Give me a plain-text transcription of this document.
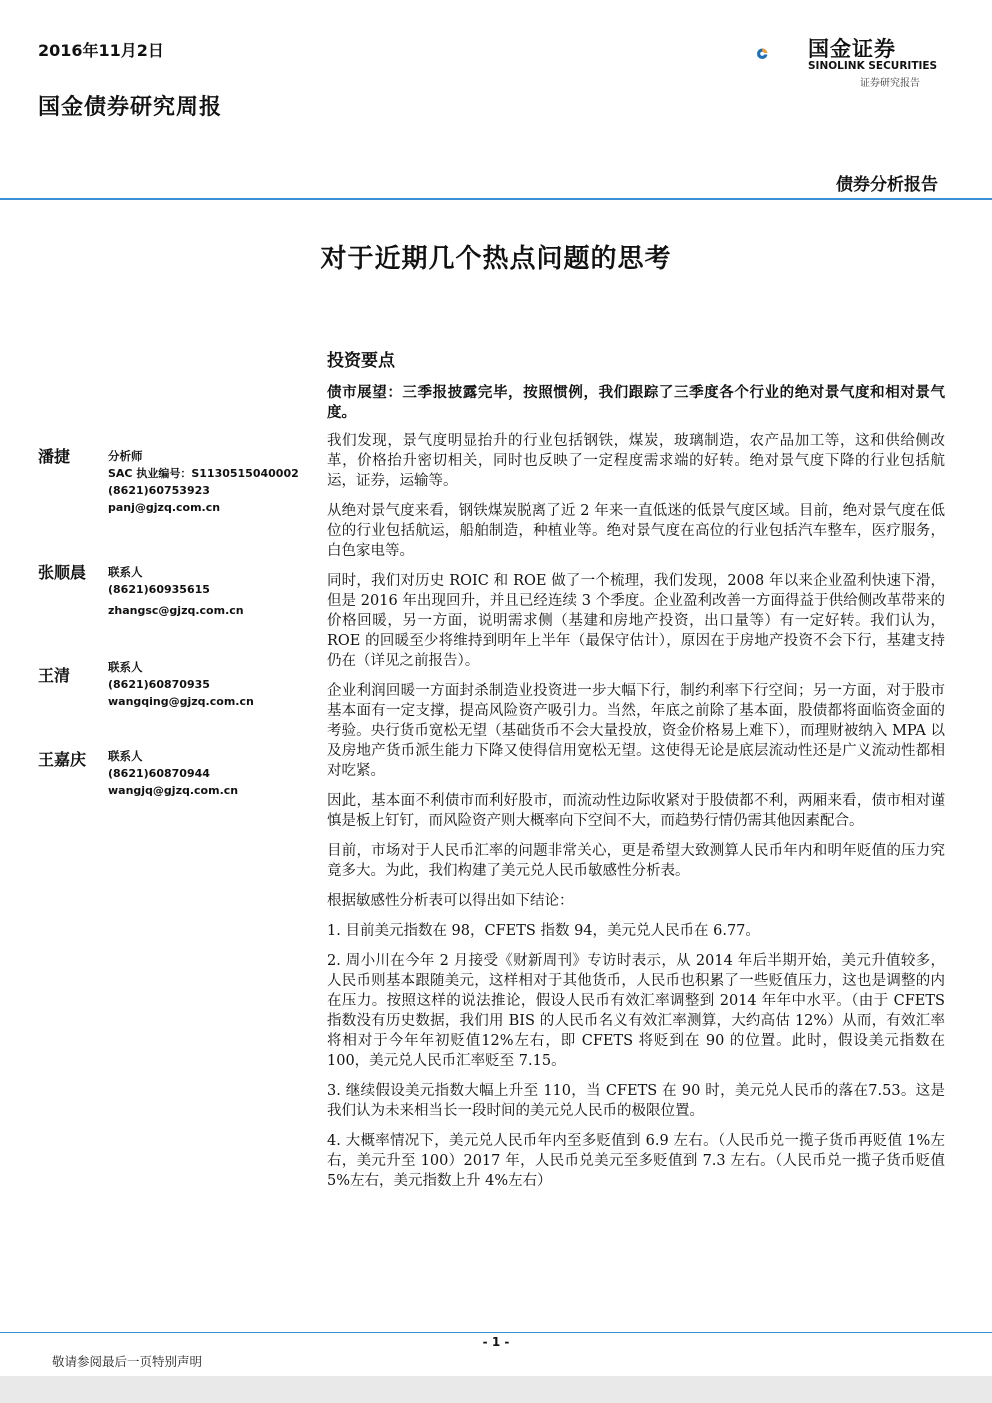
2016年11月2日
国金债券研究周报
国金证券
SINOLINK SECURITIES
证券研究报告
债券分析报告
对于近期几个热点问题的思考
投资要点
债市展望：三季报披露完毕，按照惯例，我们跟踪了三季度各个行业的绝对景气度和相对景气度。

我们发现，景气度明显抬升的行业包括钢铁，煤炭，玻璃制造，农产品加工等，这和供给侧改革，价格抬升密切相关，同时也反映了一定程度需求端的好转。绝对景气度下降的行业包括航运，证券，运输等。

从绝对景气度来看，钢铁煤炭脱离了近 2 年来一直低迷的低景气度区域。目前，绝对景气度在低位的行业包括航运，船舶制造，种植业等。绝对景气度在高位的行业包括汽车整车，医疗服务，白色家电等。

同时，我们对历史 ROIC 和 ROE 做了一个梳理，我们发现，2008 年以来企业盈利快速下滑，但是 2016 年出现回升，并且已经连续 3 个季度。企业盈利改善一方面得益于供给侧改革带来的价格回暖，另一方面，说明需求侧（基建和房地产投资，出口量等）有一定好转。我们认为，ROE 的回暖至少将维持到明年上半年（最保守估计），原因在于房地产投资不会下行，基建支持仍在（详见之前报告）。

企业利润回暖一方面封杀制造业投资进一步大幅下行，制约利率下行空间；另一方面，对于股市基本面有一定支撑，提高风险资产吸引力。当然，年底之前除了基本面，股债都将面临资金面的考验。央行货币宽松无望（基础货币不会大量投放，资金价格易上难下），而理财被纳入 MPA 以及房地产货币派生能力下降又使得信用宽松无望。这使得无论是底层流动性还是广义流动性都相对吃紧。

因此，基本面不利债市而利好股市，而流动性边际收紧对于股债都不利，两厢来看，债市相对谨慎是板上钉钉，而风险资产则大概率向下空间不大，而趋势行情仍需其他因素配合。

目前，市场对于人民币汇率的问题非常关心，更是希望大致测算人民币年内和明年贬值的压力究竟多大。为此，我们构建了美元兑人民币敏感性分析表。

根据敏感性分析表可以得出如下结论：

1. 目前美元指数在 98，CFETS 指数 94，美元兑人民币在 6.77。

2. 周小川在今年 2 月接受《财新周刊》专访时表示，从 2014 年后半期开始，美元升值较多，人民币则基本跟随美元，这样相对于其他货币，人民币也积累了一些贬值压力，这也是调整的内在压力。按照这样的说法推论，假设人民币有效汇率调整到 2014 年年中水平。（由于 CFETS 指数没有历史数据，我们用 BIS 的人民币名义有效汇率测算，大约高估 12%）从而，有效汇率将相对于今年年初贬值12%左右，即 CFETS 将贬到在 90 的位置。此时，假设美元指数在 100，美元兑人民币汇率贬至 7.15。

3. 继续假设美元指数大幅上升至 110，当 CFETS 在 90 时，美元兑人民币的落在7.53。这是我们认为未来相当长一段时间的美元兑人民币的极限位置。

4. 大概率情况下，美元兑人民币年内至多贬值到 6.9 左右。（人民币兑一揽子货币再贬值 1%左右，美元升至 100）2017 年，人民币兑美元至多贬值到 7.3 左右。（人民币兑一揽子货币贬值 5%左右，美元指数上升 4%左右）

潘捷	分析师
SAC 执业编号：S1130515040002
(8621)60753923
panj@gjzq.com.cn
张顺晨 联系人
(8621)60935615
zhangsc@gjzq.com.cn
王清	联系人
(8621)60870935
wangqing@gjzq.com.cn
王嘉庆 联系人
(8621)60870944
wangjq@gjzq.com.cn
- 1 -
敬请参阅最后一页特别声明
